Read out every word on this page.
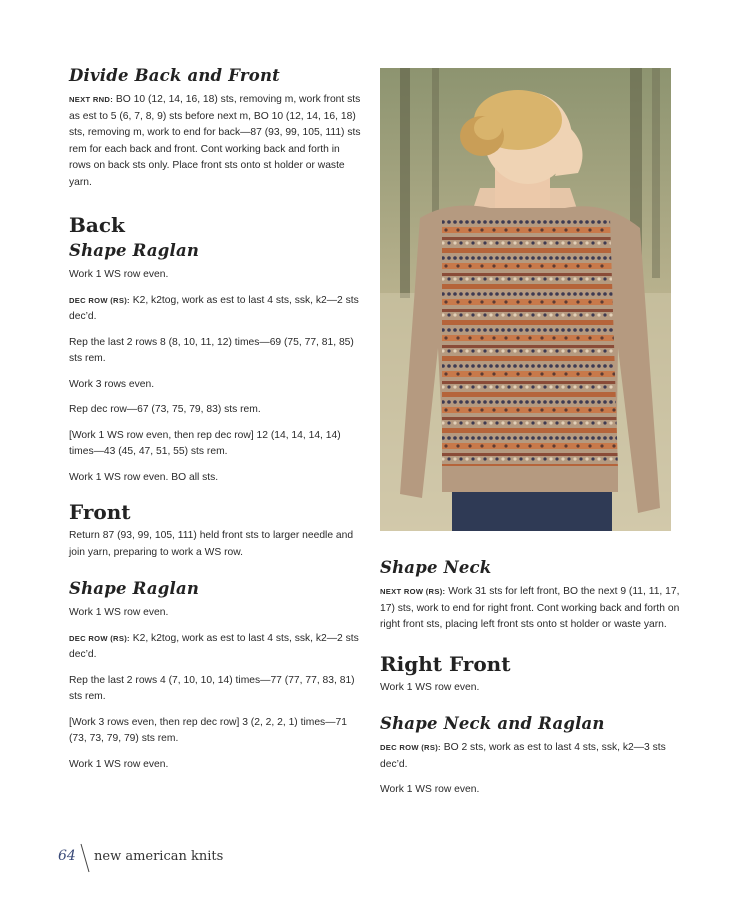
Divide Back and Front

NEXT RND: BO 10 (12, 14, 16, 18) sts, removing m, work front sts as est to 5 (6, 7, 8, 9) sts before next m, BO 10 (12, 14, 16, 18) sts, removing m, work to end for back—87 (93, 99, 105, 111) sts rem for each back and front. Cont working back and forth in rows on back sts only. Place front sts onto st holder or waste yarn.

Back
Shape Raglan

Work 1 WS row even.

DEC ROW (RS): K2, k2tog, work as est to last 4 sts, ssk, k2—2 sts dec’d.

Rep the last 2 rows 8 (8, 10, 11, 12) times—69 (75, 77, 81, 85) sts rem.

Work 3 rows even.

Rep dec row—67 (73, 75, 79, 83) sts rem.

[Work 1 WS row even, then rep dec row] 12 (14, 14, 14, 14) times—43 (45, 47, 51, 55) sts rem.

Work 1 WS row even. BO all sts.

Front

Return 87 (93, 99, 105, 111) held front sts to larger needle and join yarn, preparing to work a WS row.

Shape Raglan

Work 1 WS row even.

DEC ROW (RS): K2, k2tog, work as est to last 4 sts, ssk, k2—2 sts dec’d.

Rep the last 2 rows 4 (7, 10, 10, 14) times—77 (77, 77, 83, 81) sts rem.

[Work 3 rows even, then rep dec row] 3 (2, 2, 2, 1) times—71 (73, 73, 79, 79) sts rem.

Work 1 WS row even.

Shape Neck

NEXT ROW (RS): Work 31 sts for left front, BO the next 9 (11, 11, 17, 17) sts, work to end for right front. Cont working back and forth on right front sts, placing left front sts onto st holder or waste yarn.

Right Front

Work 1 WS row even.

Shape Neck and Raglan

DEC ROW (RS): BO 2 sts, work as est to last 4 sts, ssk, k2—3 sts dec’d.

Work 1 WS row even.

64 new american knits
